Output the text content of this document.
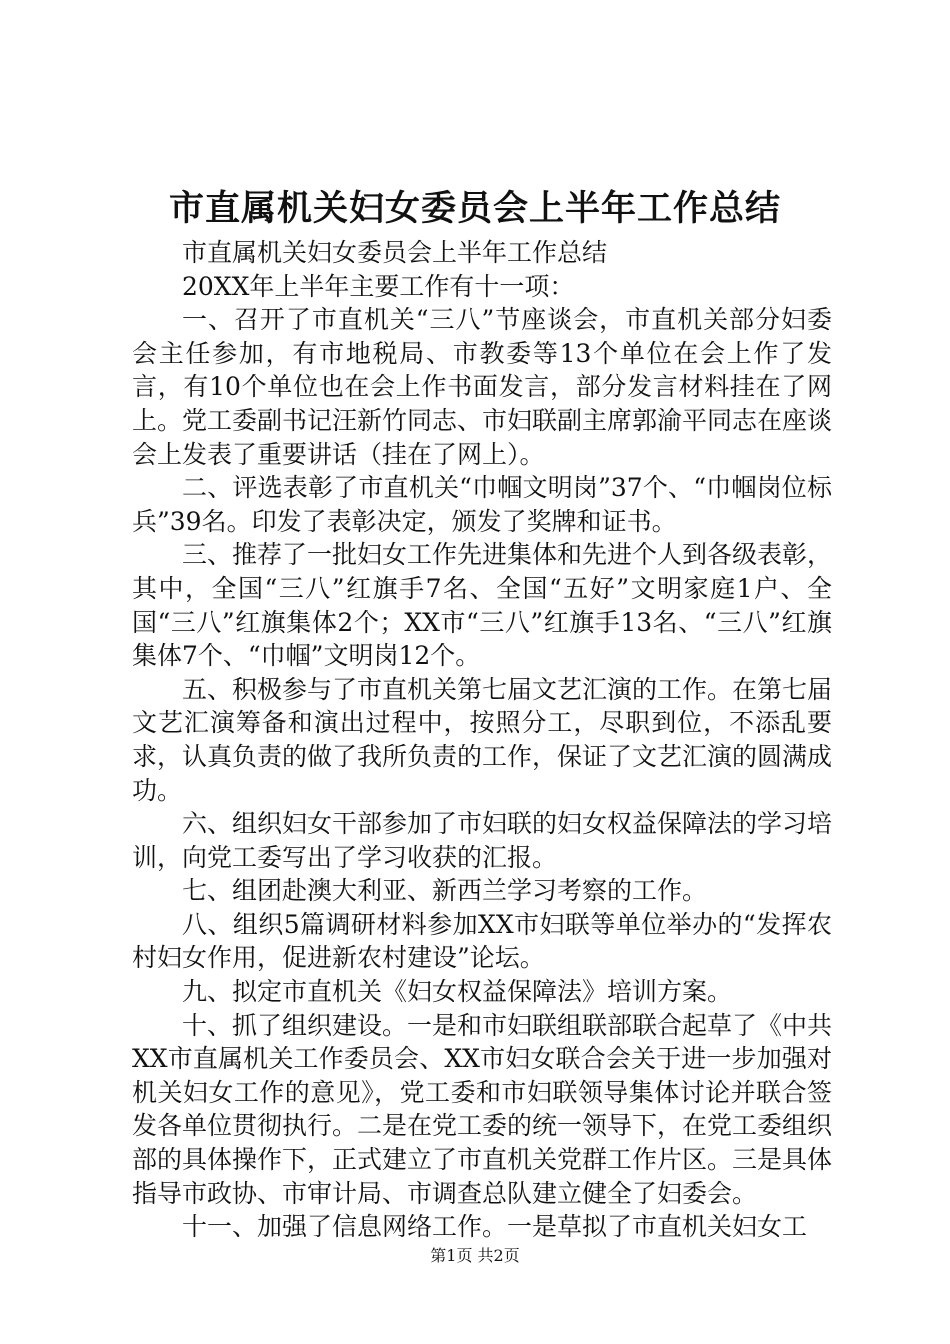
市直属机关妇女委员会上半年工作总结

市直属机关妇女委员会上半年工作总结

20XX年上半年主要工作有十一项：

一、召开了市直机关“三八”节座谈会，市直机关部分妇委会主任参加，有市地税局、市教委等13个单位在会上作了发言，有10个单位也在会上作书面发言，部分发言材料挂在了网上。党工委副书记汪新竹同志、市妇联副主席郭渝平同志在座谈会上发表了重要讲话（挂在了网上）。

二、评选表彰了市直机关“巾帼文明岗”37个、“巾帼岗位标兵”39名。印发了表彰决定，颁发了奖牌和证书。

三、推荐了一批妇女工作先进集体和先进个人到各级表彰，其中，全国“三八”红旗手7名、全国“五好”文明家庭1户、全国“三八”红旗集体2个；XX市“三八”红旗手13名、“三八”红旗集体7个、“巾帼”文明岗12个。

五、积极参与了市直机关第七届文艺汇演的工作。在第七届文艺汇演筹备和演出过程中，按照分工，尽职到位，不添乱要求，认真负责的做了我所负责的工作，保证了文艺汇演的圆满成功。

六、组织妇女干部参加了市妇联的妇女权益保障法的学习培训，向党工委写出了学习收获的汇报。

七、组团赴澳大利亚、新西兰学习考察的工作。

八、组织5篇调研材料参加XX市妇联等单位举办的“发挥农村妇女作用，促进新农村建设”论坛。

九、拟定市直机关《妇女权益保障法》培训方案。

十、抓了组织建设。一是和市妇联组联部联合起草了《中共XX市直属机关工作委员会、XX市妇女联合会关于进一步加强对机关妇女工作的意见》，党工委和市妇联领导集体讨论并联合签发各单位贯彻执行。二是在党工委的统一领导下，在党工委组织部的具体操作下，正式建立了市直机关党群工作片区。三是具体指导市政协、市审计局、市调查总队建立健全了妇委会。

十一、加强了信息网络工作。一是草拟了市直机关妇女工

第1页 共2页
